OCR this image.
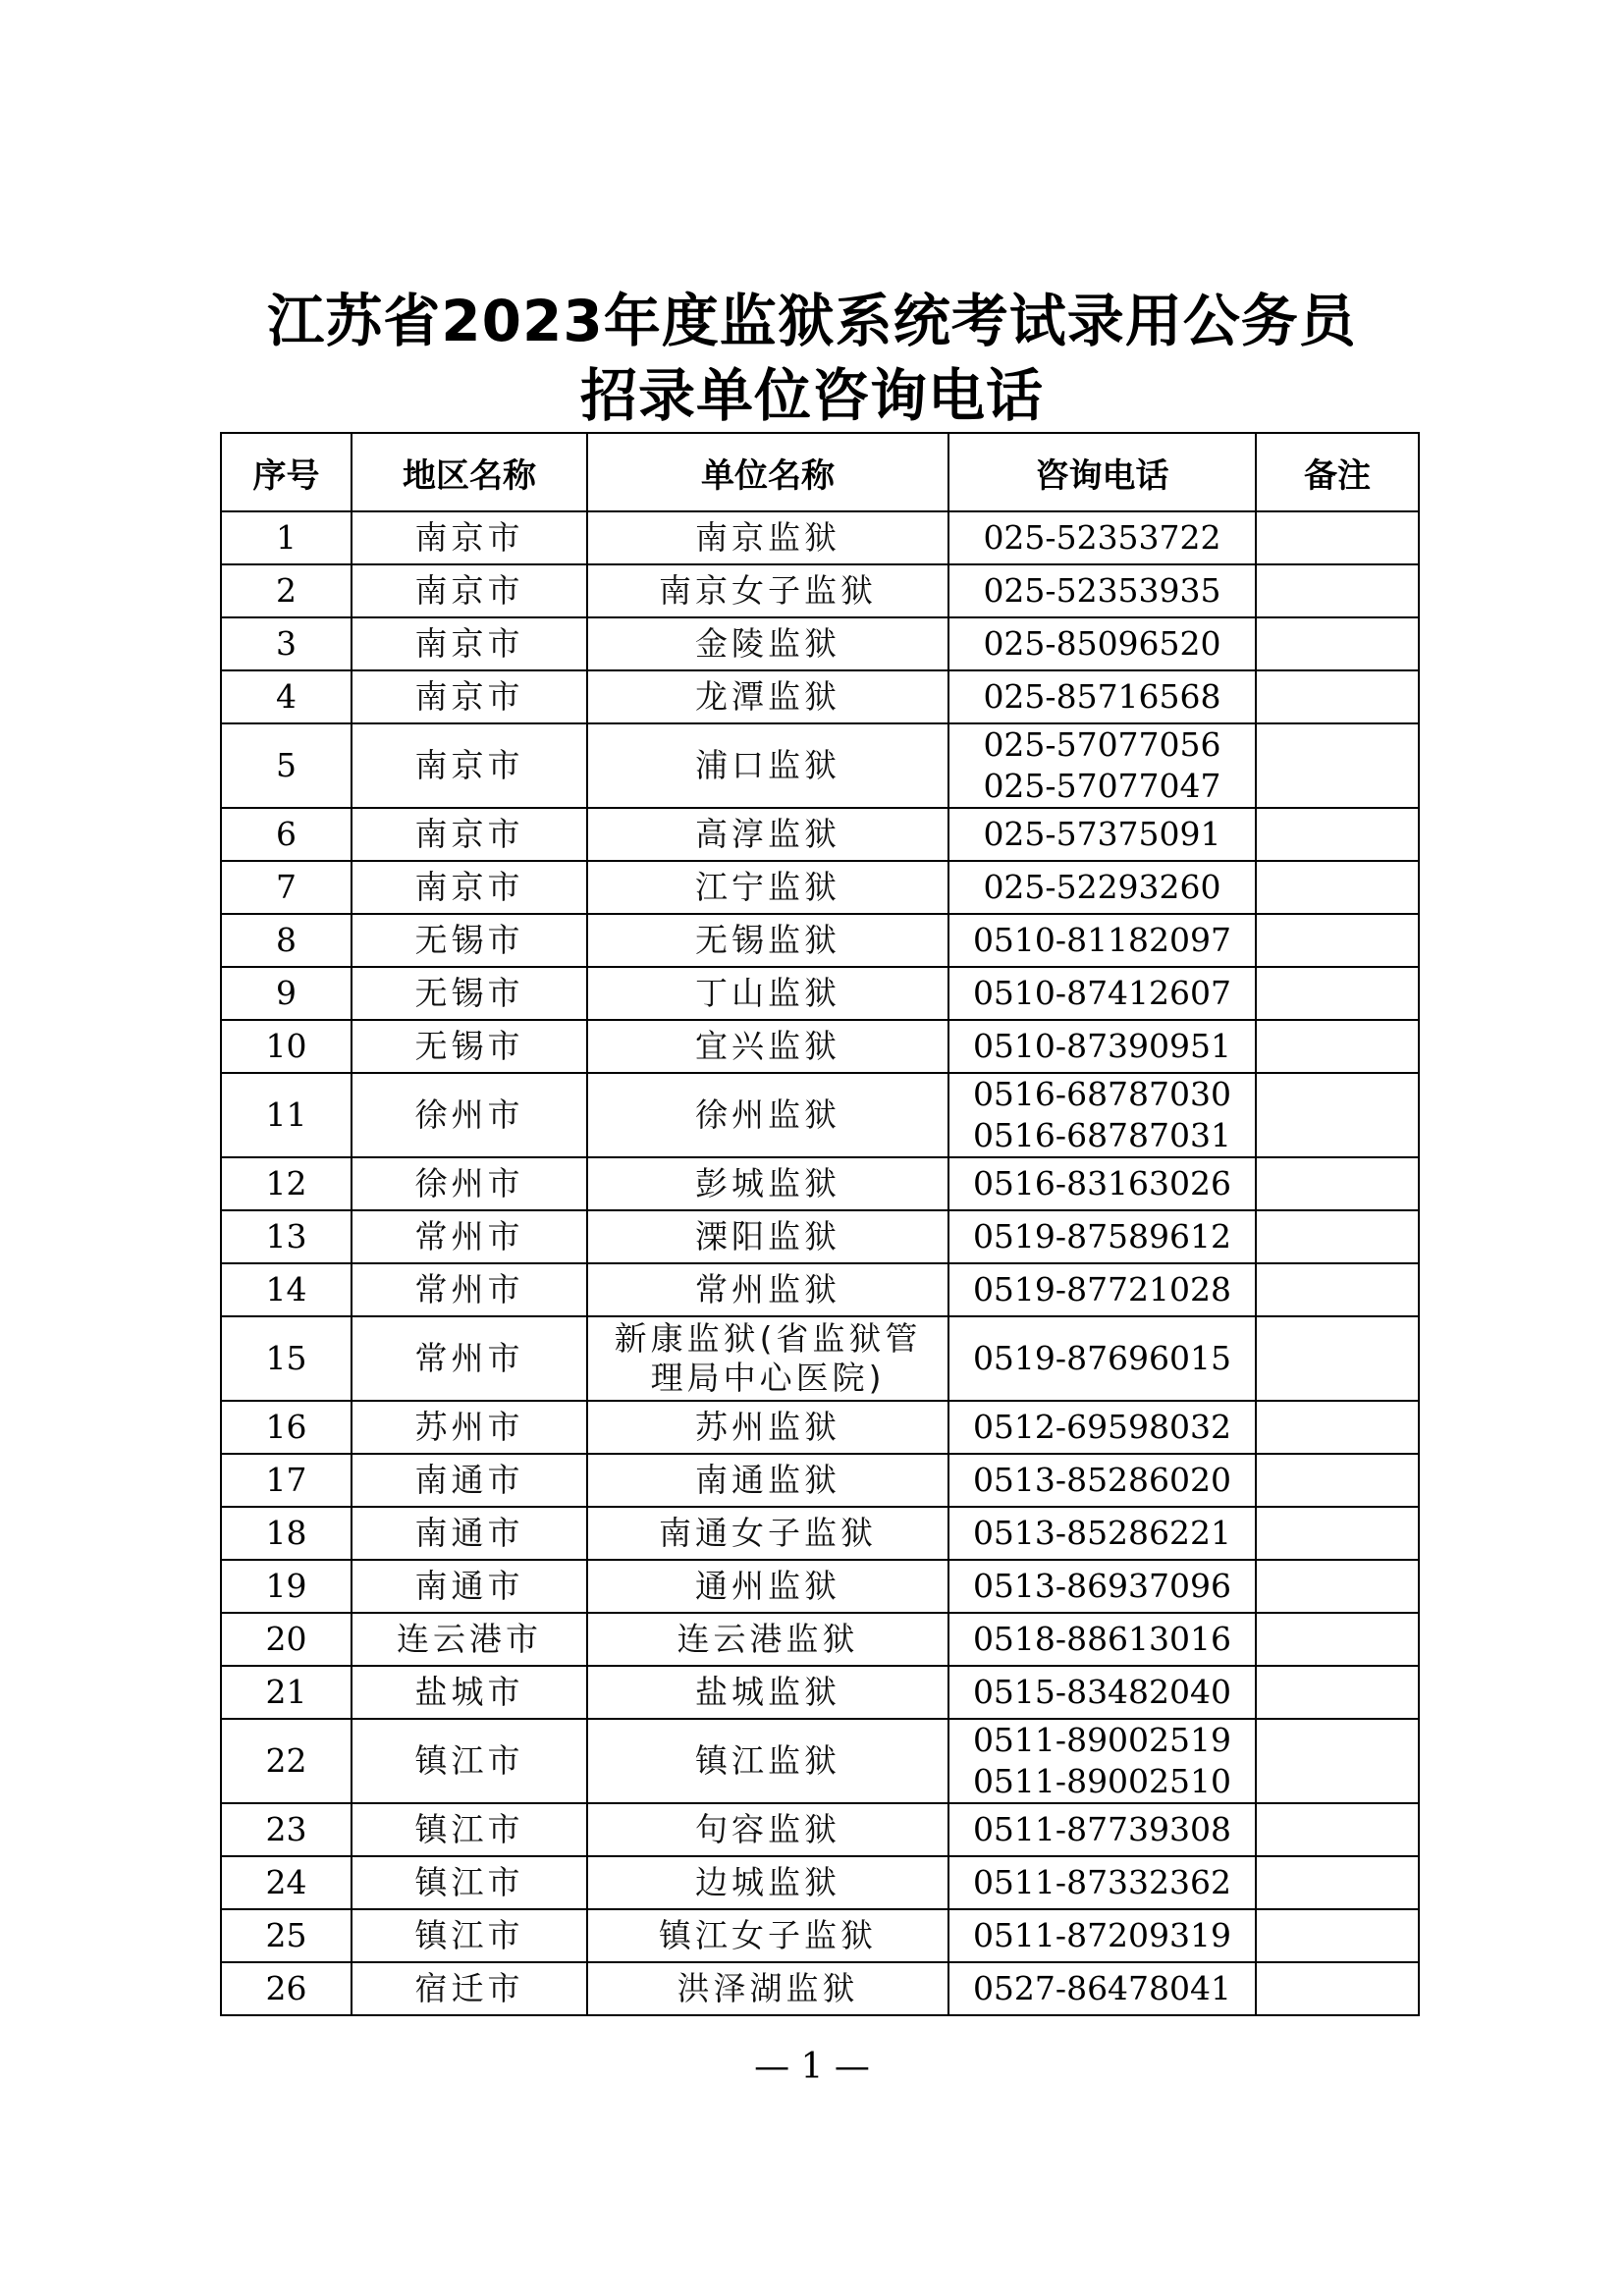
江苏省2023年度监狱系统考试录用公务员
招录单位咨询电话
序号	地区名称	单位名称	咨询电话	备注
1	南京市	南京监狱	025-52353722	

2	南京市	南京女子监狱	025-52353935	

3	南京市	金陵监狱	025-85096520	

4	南京市	龙潭监狱	025-85716568	

5	南京市	浦口监狱	025-57077056
025-57077047	

6	南京市	高淳监狱	025-57375091	

7	南京市	江宁监狱	025-52293260	

8	无锡市	无锡监狱	0510-81182097	

9	无锡市	丁山监狱	0510-87412607	

10	无锡市	宜兴监狱	0510-87390951	

11	徐州市	徐州监狱	0516-68787030
0516-68787031	

12	徐州市	彭城监狱	0516-83163026	

13	常州市	溧阳监狱	0519-87589612	

14	常州市	常州监狱	0519-87721028	

15	常州市	新康监狱(省监狱管
理局中心医院)	0519-87696015	

16	苏州市	苏州监狱	0512-69598032	

17	南通市	南通监狱	0513-85286020	

18	南通市	南通女子监狱	0513-85286221	

19	南通市	通州监狱	0513-86937096	

20	连云港市	连云港监狱	0518-88613016	

21	盐城市	盐城监狱	0515-83482040	

22	镇江市	镇江监狱	0511-89002519
0511-89002510	

23	镇江市	句容监狱	0511-87739308	

24	镇江市	边城监狱	0511-87332362	

25	镇江市	镇江女子监狱	0511-87209319	

26	宿迁市	洪泽湖监狱	0527-86478041	

— 1 —
